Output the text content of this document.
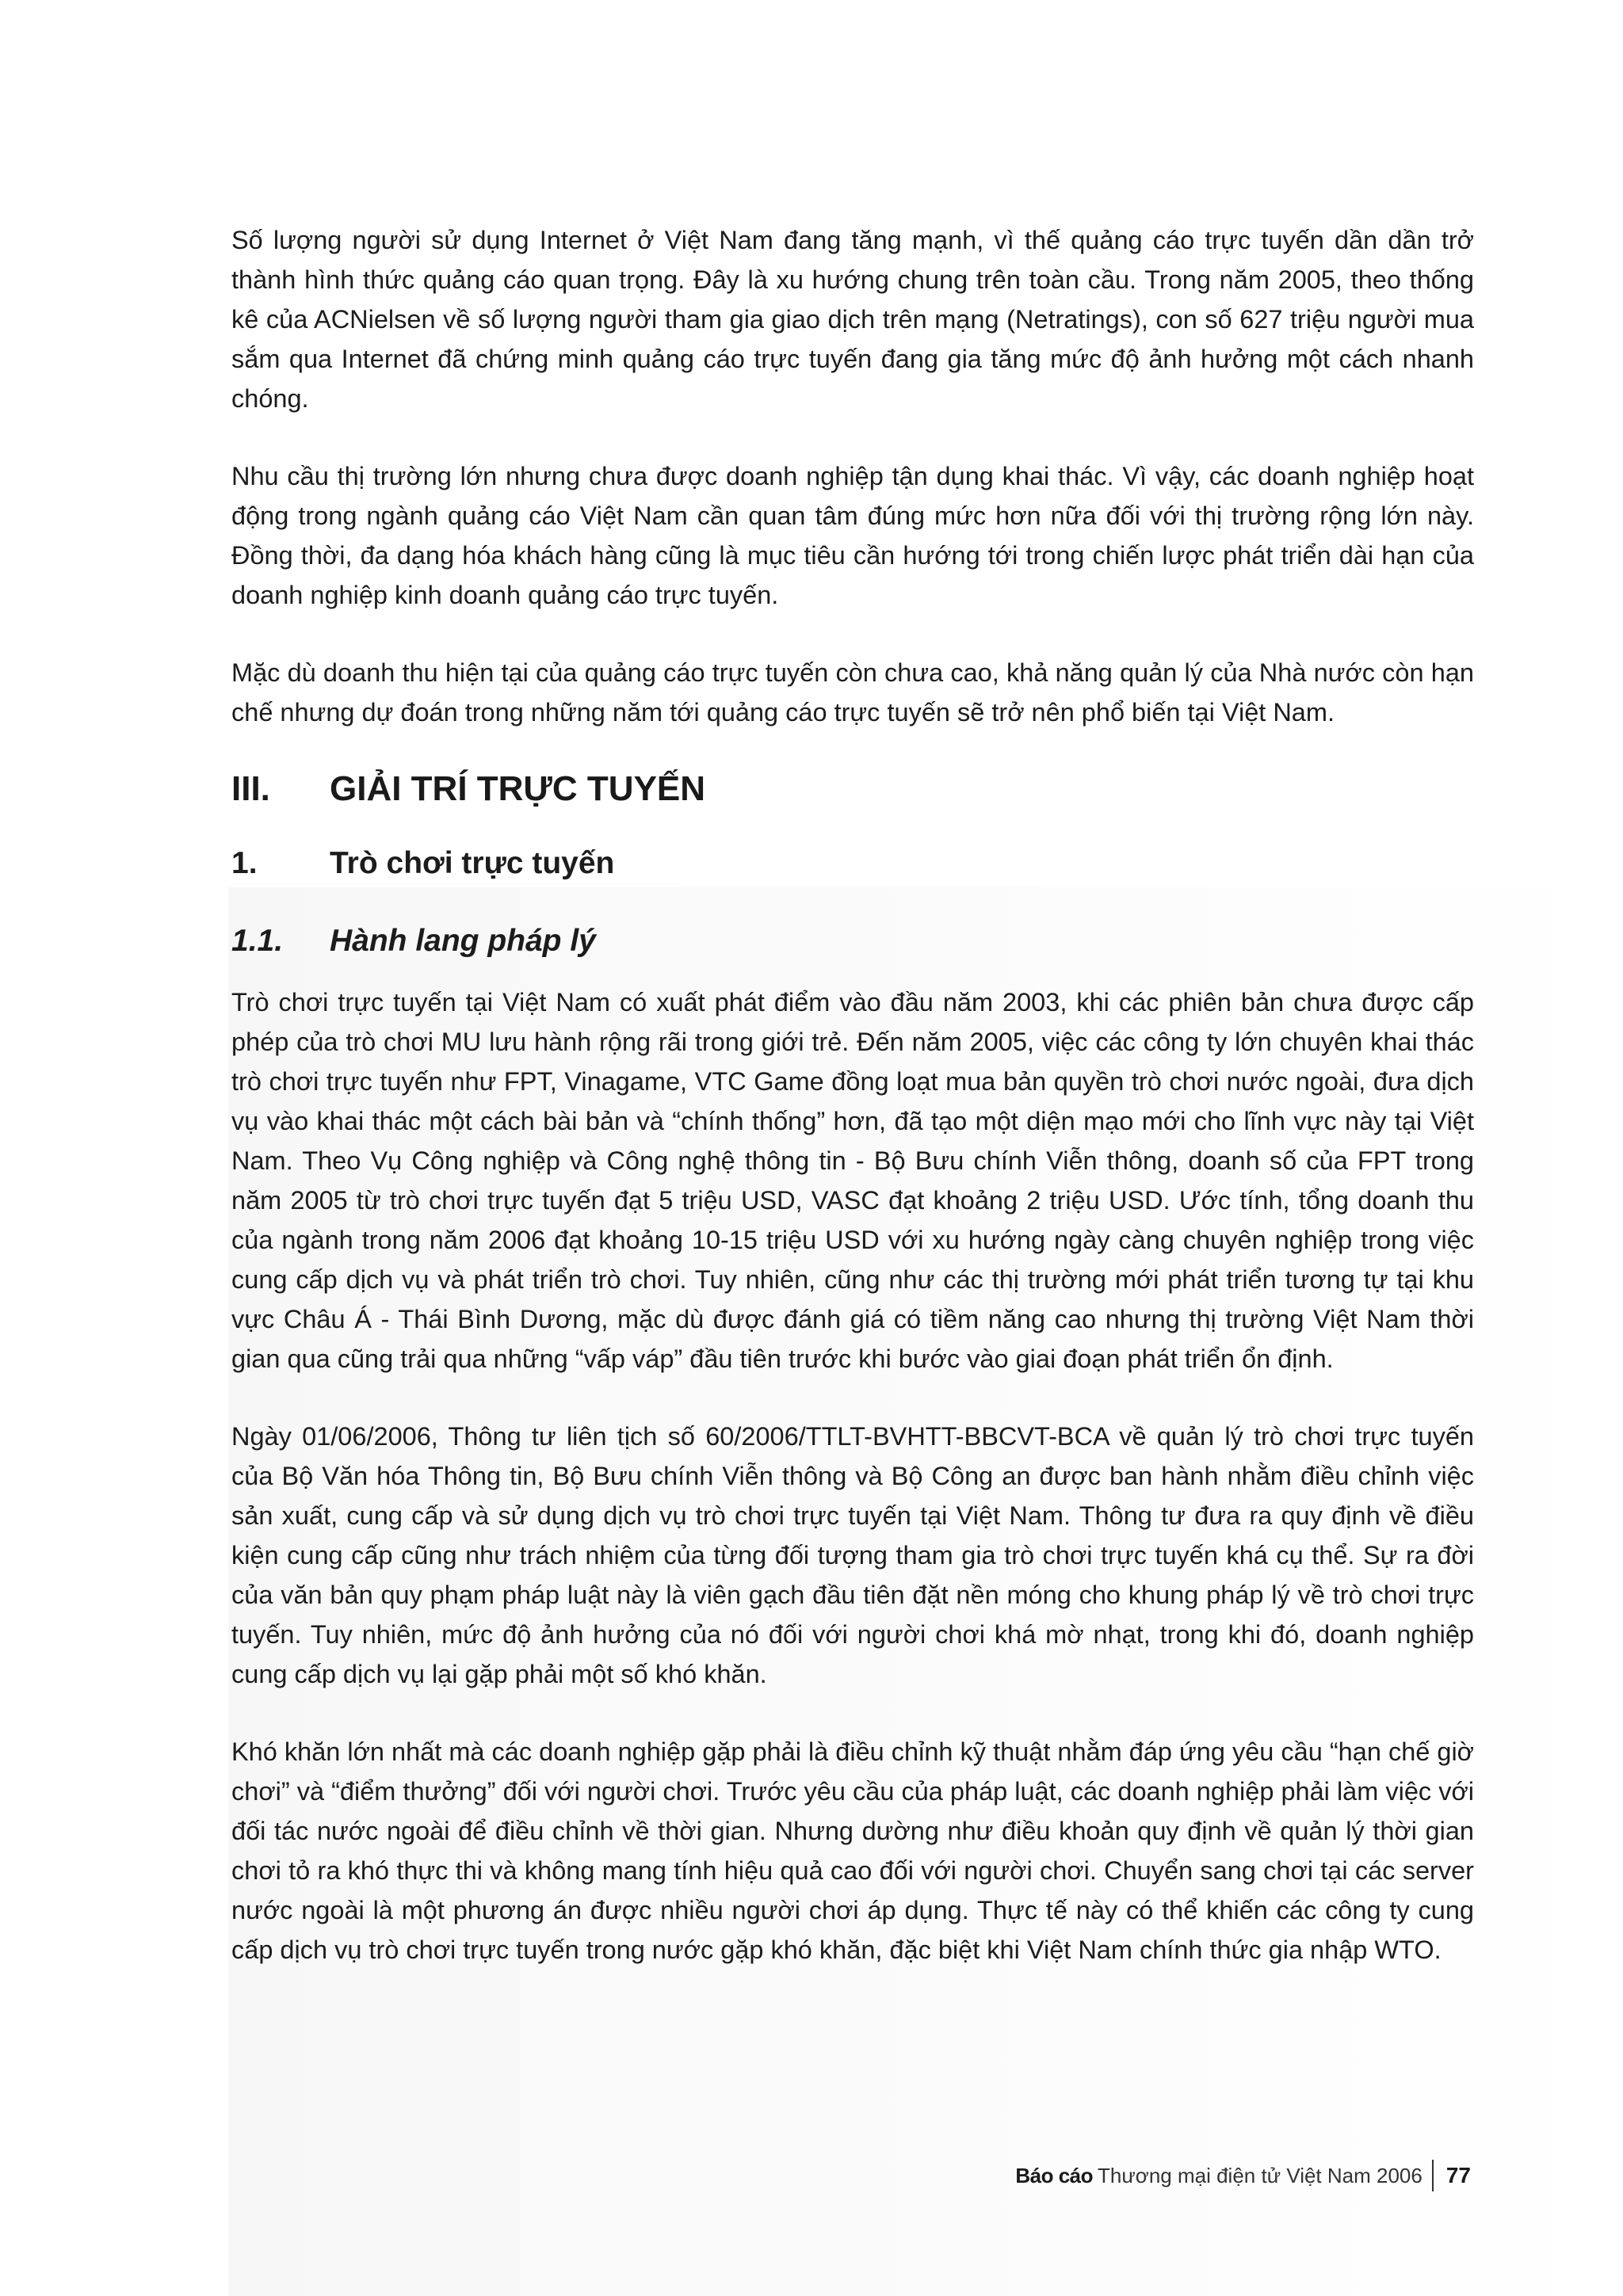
Số lượng người sử dụng Internet ở Việt Nam đang tăng mạnh, vì thế quảng cáo trực tuyến dần dần trở thành hình thức quảng cáo quan trọng. Đây là xu hướng chung trên toàn cầu. Trong năm 2005, theo thống kê của ACNielsen về số lượng người tham gia giao dịch trên mạng (Netratings), con số 627 triệu người mua sắm qua Internet đã chứng minh quảng cáo trực tuyến đang gia tăng mức độ ảnh hưởng một cách nhanh chóng.

Nhu cầu thị trường lớn nhưng chưa được doanh nghiệp tận dụng khai thác. Vì vậy, các doanh nghiệp hoạt động trong ngành quảng cáo Việt Nam cần quan tâm đúng mức hơn nữa đối với thị trường rộng lớn này. Đồng thời, đa dạng hóa khách hàng cũng là mục tiêu cần hướng tới trong chiến lược phát triển dài hạn của doanh nghiệp kinh doanh quảng cáo trực tuyến.

Mặc dù doanh thu hiện tại của quảng cáo trực tuyến còn chưa cao, khả năng quản lý của Nhà nước còn hạn chế nhưng dự đoán trong những năm tới quảng cáo trực tuyến sẽ trở nên phổ biến tại Việt Nam.

III.	GIẢI TRÍ TRỰC TUYẾN
1.	Trò chơi trực tuyến
1.1.	Hành lang pháp lý

Trò chơi trực tuyến tại Việt Nam có xuất phát điểm vào đầu năm 2003, khi các phiên bản chưa được cấp phép của trò chơi MU lưu hành rộng rãi trong giới trẻ. Đến năm 2005, việc các công ty lớn chuyên khai thác trò chơi trực tuyến như FPT, Vinagame, VTC Game đồng loạt mua bản quyền trò chơi nước ngoài, đưa dịch vụ vào khai thác một cách bài bản và “chính thống” hơn, đã tạo một diện mạo mới cho lĩnh vực này tại Việt Nam. Theo Vụ Công nghiệp và Công nghệ thông tin - Bộ Bưu chính Viễn thông, doanh số của FPT trong năm 2005 từ trò chơi trực tuyến đạt 5 triệu USD, VASC đạt khoảng 2 triệu USD. Ước tính, tổng doanh thu của ngành trong năm 2006 đạt khoảng 10-15 triệu USD với xu hướng ngày càng chuyên nghiệp trong việc cung cấp dịch vụ và phát triển trò chơi. Tuy nhiên, cũng như các thị trường mới phát triển tương tự tại khu vực Châu Á - Thái Bình Dương, mặc dù được đánh giá có tiềm năng cao nhưng thị trường Việt Nam thời gian qua cũng trải qua những “vấp váp” đầu tiên trước khi bước vào giai đoạn phát triển ổn định.

Ngày 01/06/2006, Thông tư liên tịch số 60/2006/TTLT-BVHTT-BBCVT-BCA về quản lý trò chơi trực tuyến của Bộ Văn hóa Thông tin, Bộ Bưu chính Viễn thông và Bộ Công an được ban hành nhằm điều chỉnh việc sản xuất, cung cấp và sử dụng dịch vụ trò chơi trực tuyến tại Việt Nam. Thông tư đưa ra quy định về điều kiện cung cấp cũng như trách nhiệm của từng đối tượng tham gia trò chơi trực tuyến khá cụ thể. Sự ra đời của văn bản quy phạm pháp luật này là viên gạch đầu tiên đặt nền móng cho khung pháp lý về trò chơi trực tuyến. Tuy nhiên, mức độ ảnh hưởng của nó đối với người chơi khá mờ nhạt, trong khi đó, doanh nghiệp cung cấp dịch vụ lại gặp phải một số khó khăn.

Khó khăn lớn nhất mà các doanh nghiệp gặp phải là điều chỉnh kỹ thuật nhằm đáp ứng yêu cầu “hạn chế giờ chơi” và “điểm thưởng” đối với người chơi. Trước yêu cầu của pháp luật, các doanh nghiệp phải làm việc với đối tác nước ngoài để điều chỉnh về thời gian. Nhưng dường như điều khoản quy định về quản lý thời gian chơi tỏ ra khó thực thi và không mang tính hiệu quả cao đối với người chơi. Chuyển sang chơi tại các server nước ngoài là một phương án được nhiều người chơi áp dụng. Thực tế này có thể khiến các công ty cung cấp dịch vụ trò chơi trực tuyến trong nước gặp khó khăn, đặc biệt khi Việt Nam chính thức gia nhập WTO.

Báo cáo Thương mại điện tử Việt Nam 2006 77
